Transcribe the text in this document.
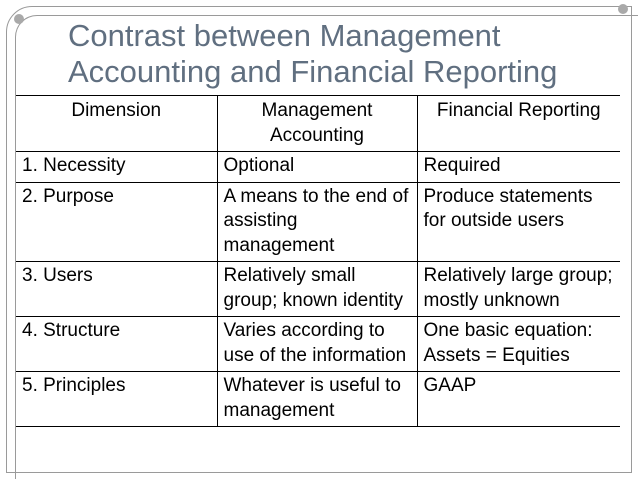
Contrast between Management
Accounting and Financial Reporting
Dimension	Management Accounting	Financial Reporting
1. Necessity	Optional	Required
2. Purpose	A means to the end of assisting management	Produce statements for outside users
3. Users	Relatively small group; known identity	Relatively large group; mostly unknown
4. Structure	Varies according to use of the information	One basic equation: Assets = Equities
5. Principles	Whatever is useful to management	GAAP
